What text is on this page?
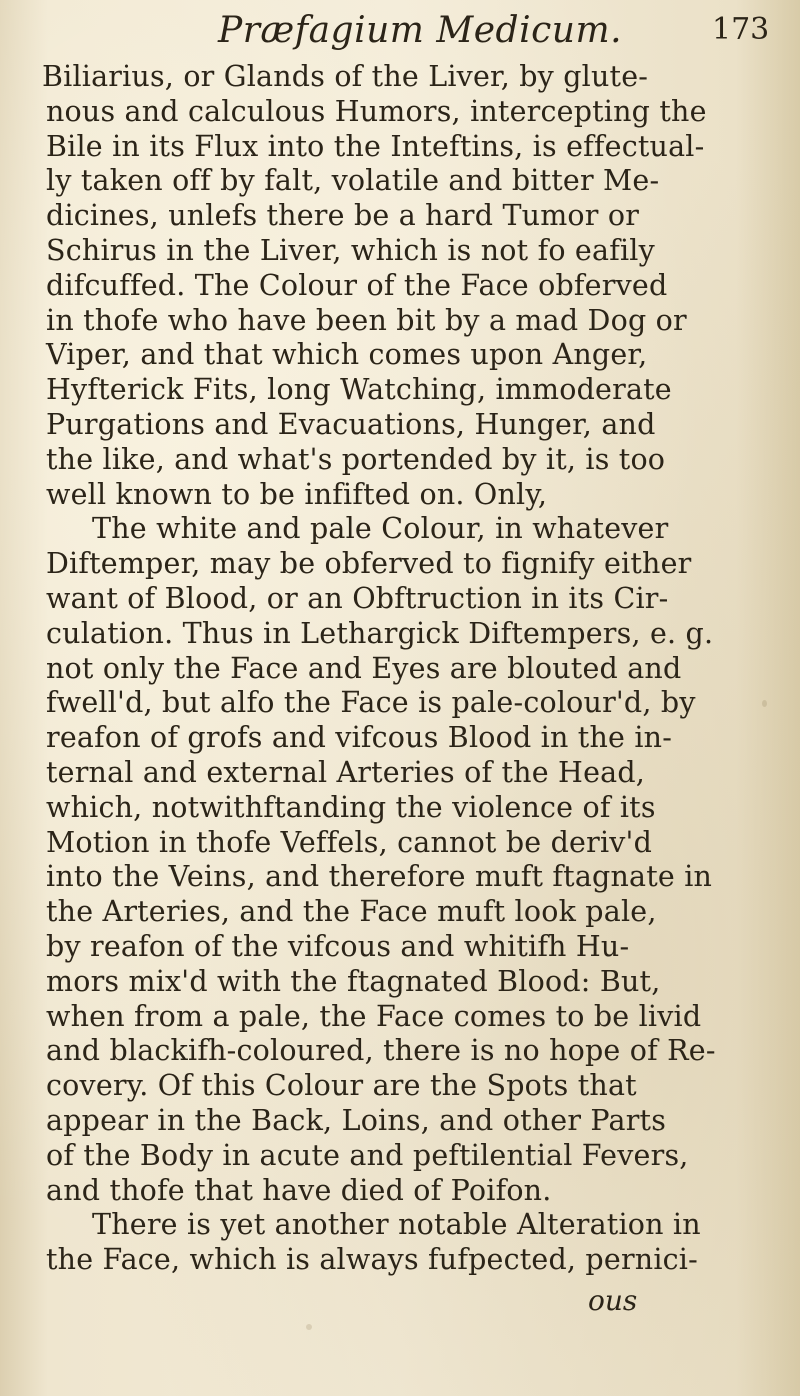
Præfagium Medicum.	173
Biliarius, or Glands of the Liver, by glute-
nous and calculous Humors, intercepting the
Bile in its Flux into the Inteftins, is effectual-
ly taken off by falt, volatile and bitter Me-
dicines, unlefs there be a hard Tumor or
Schirus in the Liver, which is not fo eafily
difcuffed. The Colour of the Face obferved
in thofe who have been bit by a mad Dog or
Viper, and that which comes upon Anger,
Hyfterick Fits, long Watching, immoderate
Purgations and Evacuations, Hunger, and
the like, and what's portended by it, is too
well known to be infifted on. Only,
The white and pale Colour, in whatever
Diftemper, may be obferved to fignify either
want of Blood, or an Obftruction in its Cir-
culation. Thus in Lethargick Diftempers, e. g.
not only the Face and Eyes are blouted and
fwell'd, but alfo the Face is pale-colour'd, by
reafon of grofs and vifcous Blood in the in-
ternal and external Arteries of the Head,
which, notwithftanding the violence of its
Motion in thofe Veffels, cannot be deriv'd
into the Veins, and therefore muft ftagnate in
the Arteries, and the Face muft look pale,
by reafon of the vifcous and whitifh Hu-
mors mix'd with the ftagnated Blood: But,
when from a pale, the Face comes to be livid
and blackifh-coloured, there is no hope of Re-
covery. Of this Colour are the Spots that
appear in the Back, Loins, and other Parts
of the Body in acute and peftilential Fevers,
and thofe that have died of Poifon.
There is yet another notable Alteration in
the Face, which is always fufpected, pernici-
ous
